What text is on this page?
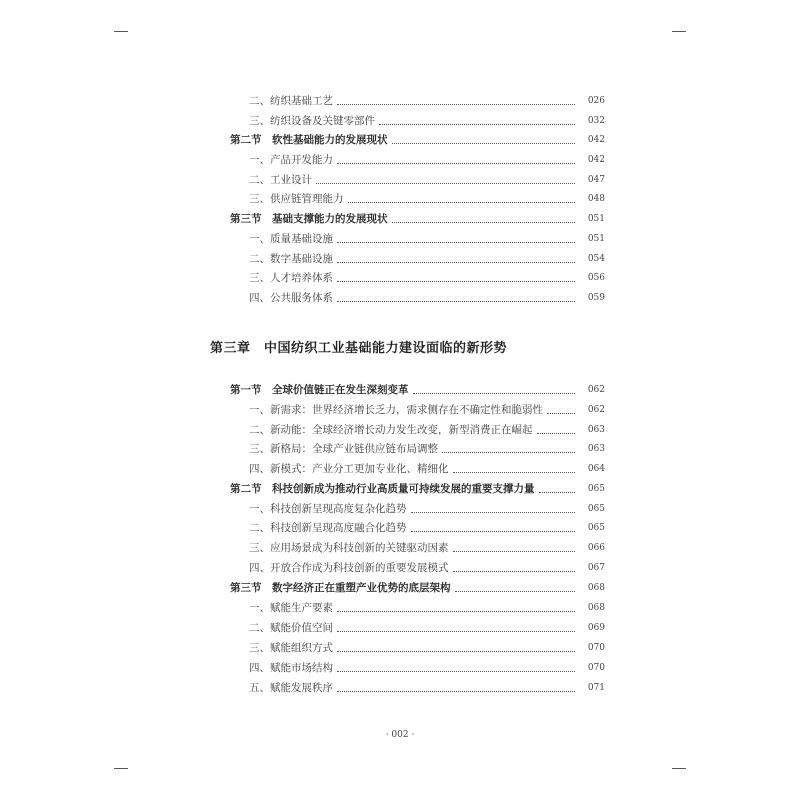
二、纺织基础工艺	026
三、纺织设备及关键零部件	032
第二节　软性基础能力的发展现状	042
一、产品开发能力	042
二、工业设计	047
三、供应链管理能力	048
第三节　基础支撑能力的发展现状	051
一、质量基础设施	051
二、数字基础设施	054
三、人才培养体系	056
四、公共服务体系	059
第三章　中国纺织工业基础能力建设面临的新形势
第一节　全球价值链正在发生深刻变革	062
一、新需求：世界经济增长乏力，需求侧存在不确定性和脆弱性	062
二、新动能：全球经济增长动力发生改变，新型消费正在崛起	063
三、新格局：全球产业链供应链布局调整	063
四、新模式：产业分工更加专业化、精细化	064
第二节　科技创新成为推动行业高质量可持续发展的重要支撑力量	065
一、科技创新呈现高度复杂化趋势	065
二、科技创新呈现高度融合化趋势	065
三、应用场景成为科技创新的关键驱动因素	066
四、开放合作成为科技创新的重要发展模式	067
第三节　数字经济正在重塑产业优势的底层架构	068
一、赋能生产要素	068
二、赋能价值空间	069
三、赋能组织方式	070
四、赋能市场结构	070
五、赋能发展秩序	071
· 002 ·
